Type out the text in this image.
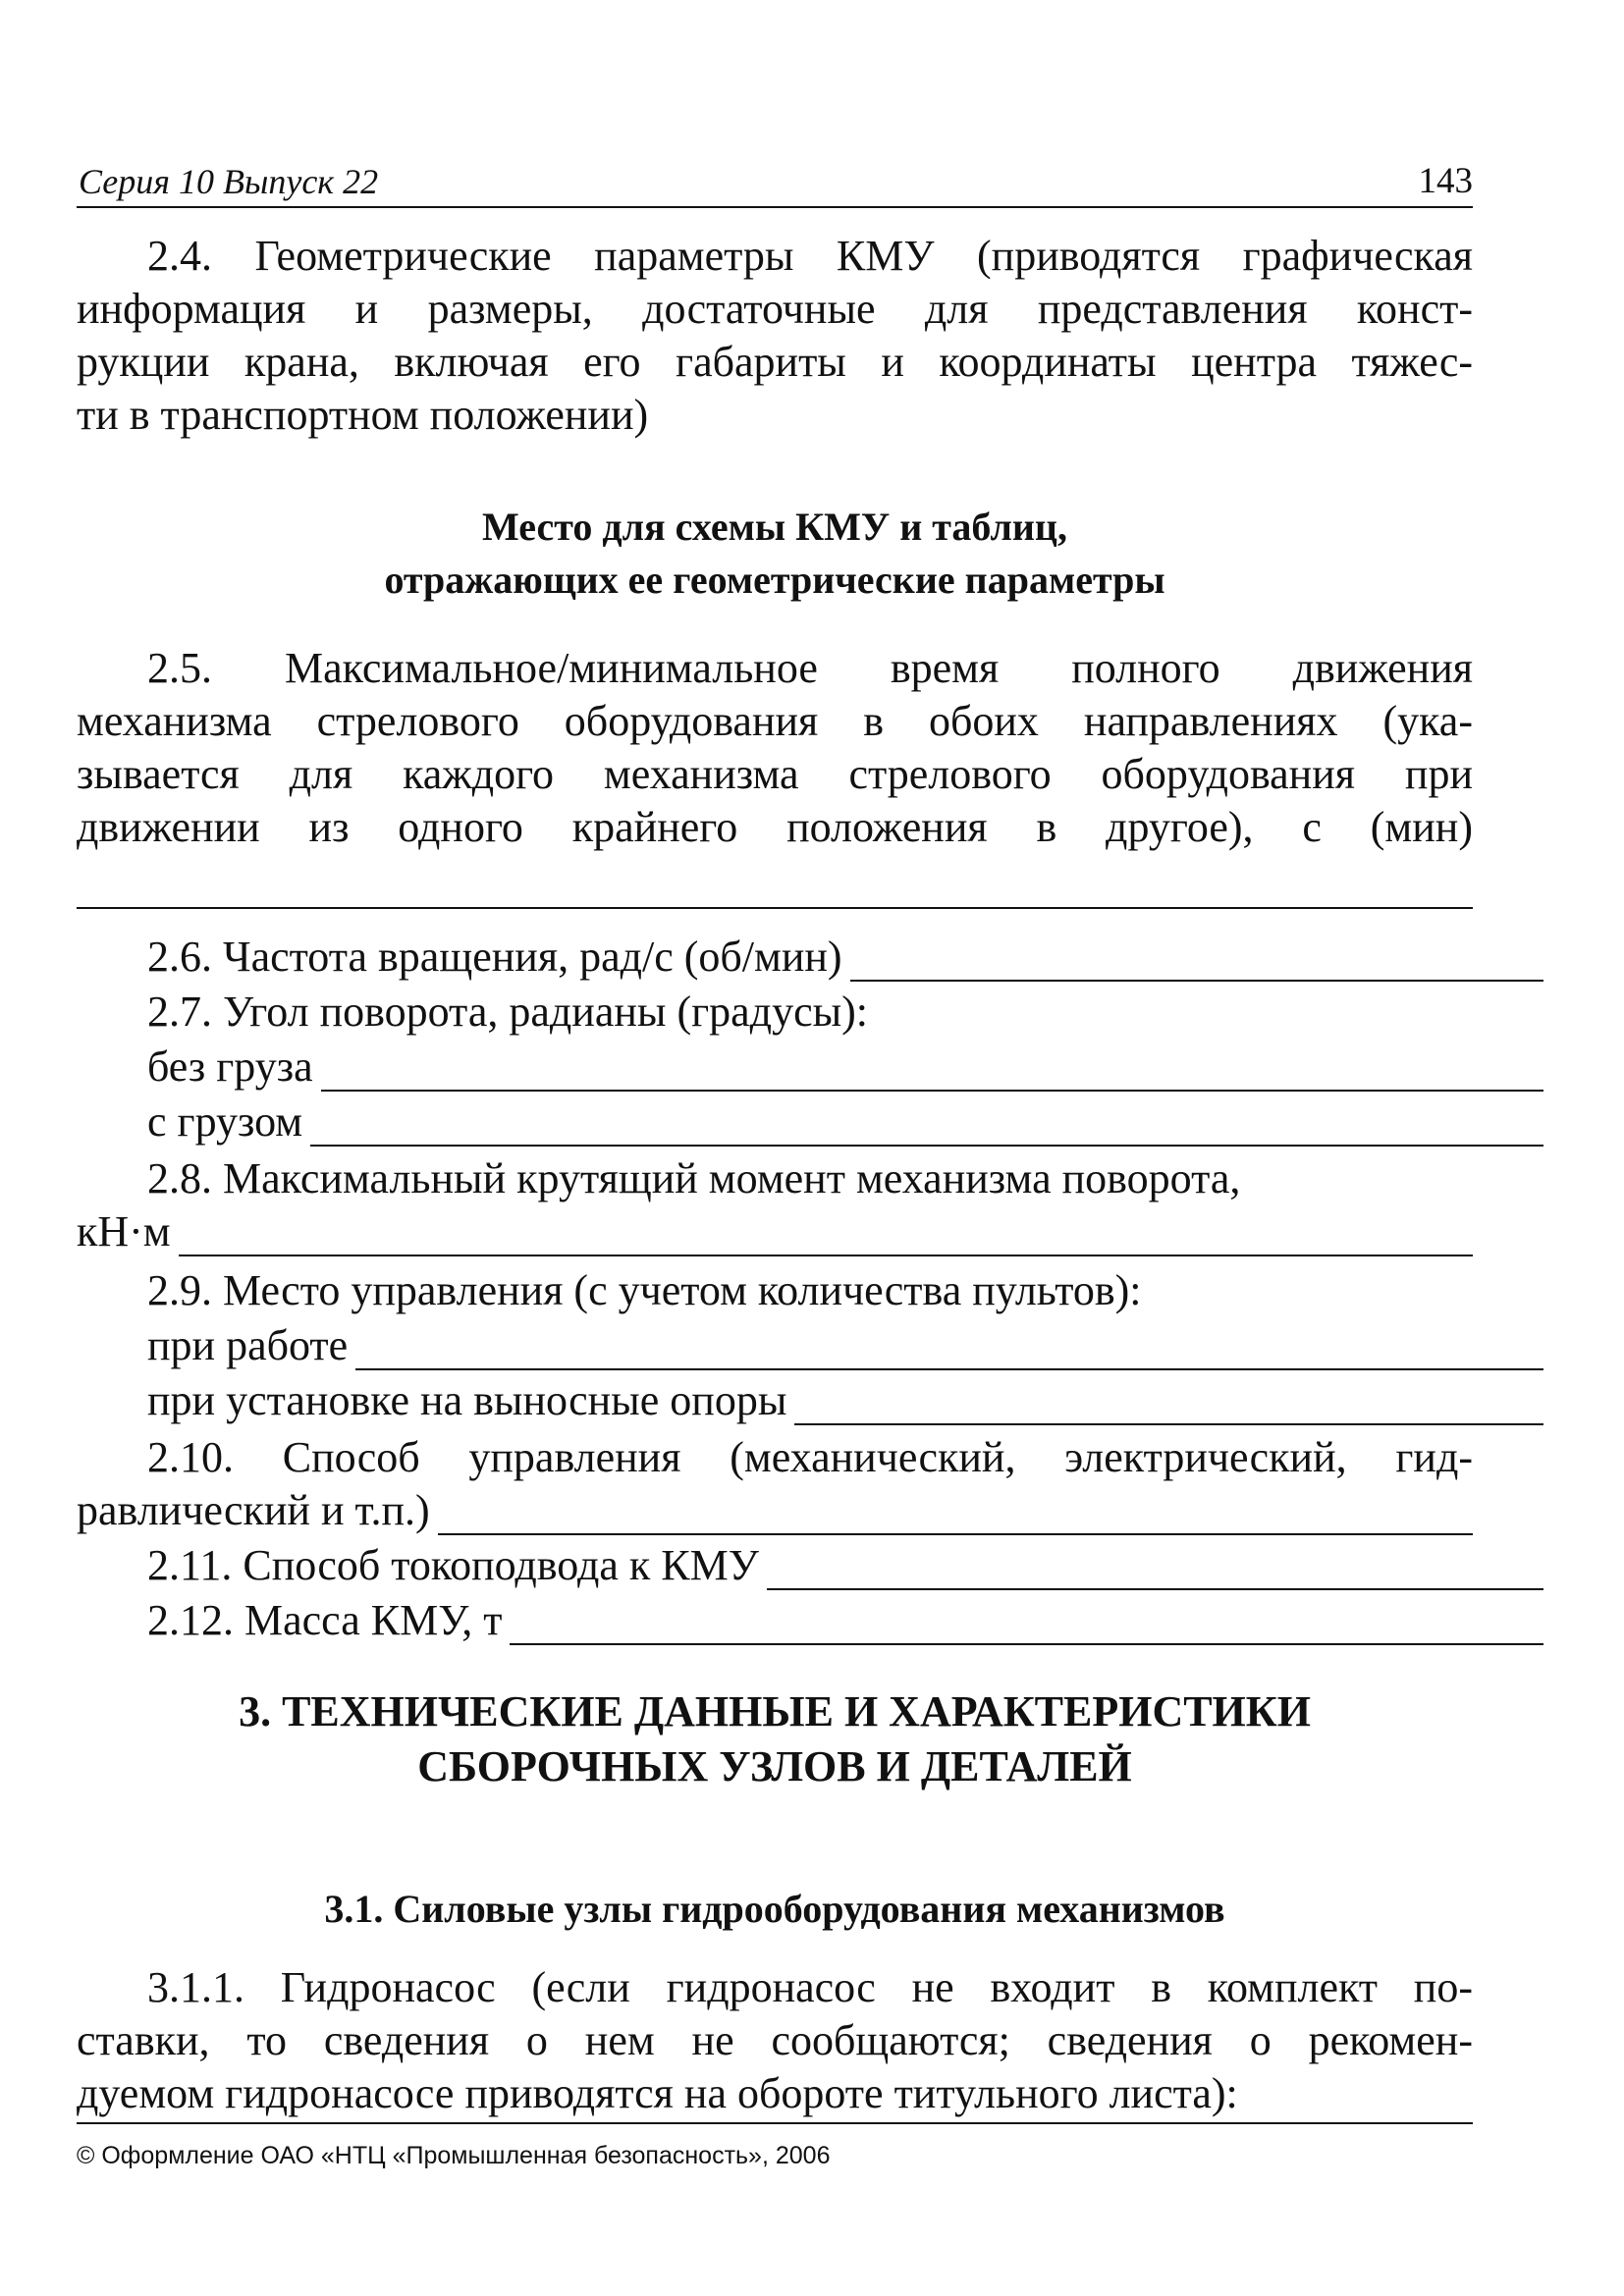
Серия 10 Выпуск 22	143
2.4. Геометрические параметры КМУ (приводятся графическая
информация и размеры, достаточные для представления конст-
рукции крана, включая его габариты и координаты центра тяжес-
ти в транспортном положении)
Место для схемы КМУ и таблиц,
отражающих ее геометрические параметры
2.5. Максимальное/минимальное время полного движения
механизма стрелового оборудования в обоих направлениях (ука-
зывается для каждого механизма стрелового оборудования при
движении из одного крайнего положения в другое), с (мин)
2.6. Частота вращения, рад/с (об/мин)
2.7. Угол поворота, радианы (градусы):
без груза
с грузом
2.8. Максимальный крутящий момент механизма поворота,
кН·м
2.9. Место управления (с учетом количества пультов):
при работе
при установке на выносные опоры
2.10. Способ управления (механический, электрический, гид-
равлический и т.п.)
2.11. Способ токоподвода к КМУ
2.12. Масса КМУ, т
3. ТЕХНИЧЕСКИЕ ДАННЫЕ И ХАРАКТЕРИСТИКИ
СБОРОЧНЫХ УЗЛОВ И ДЕТАЛЕЙ
3.1. Силовые узлы гидрооборудования механизмов
3.1.1. Гидронасос (если гидронасос не входит в комплект по-
ставки, то сведения о нем не сообщаются; сведения о рекомен-
дуемом гидронасосе приводятся на обороте титульного листа):
© Оформление ОАО «НТЦ «Промышленная безопасность», 2006
